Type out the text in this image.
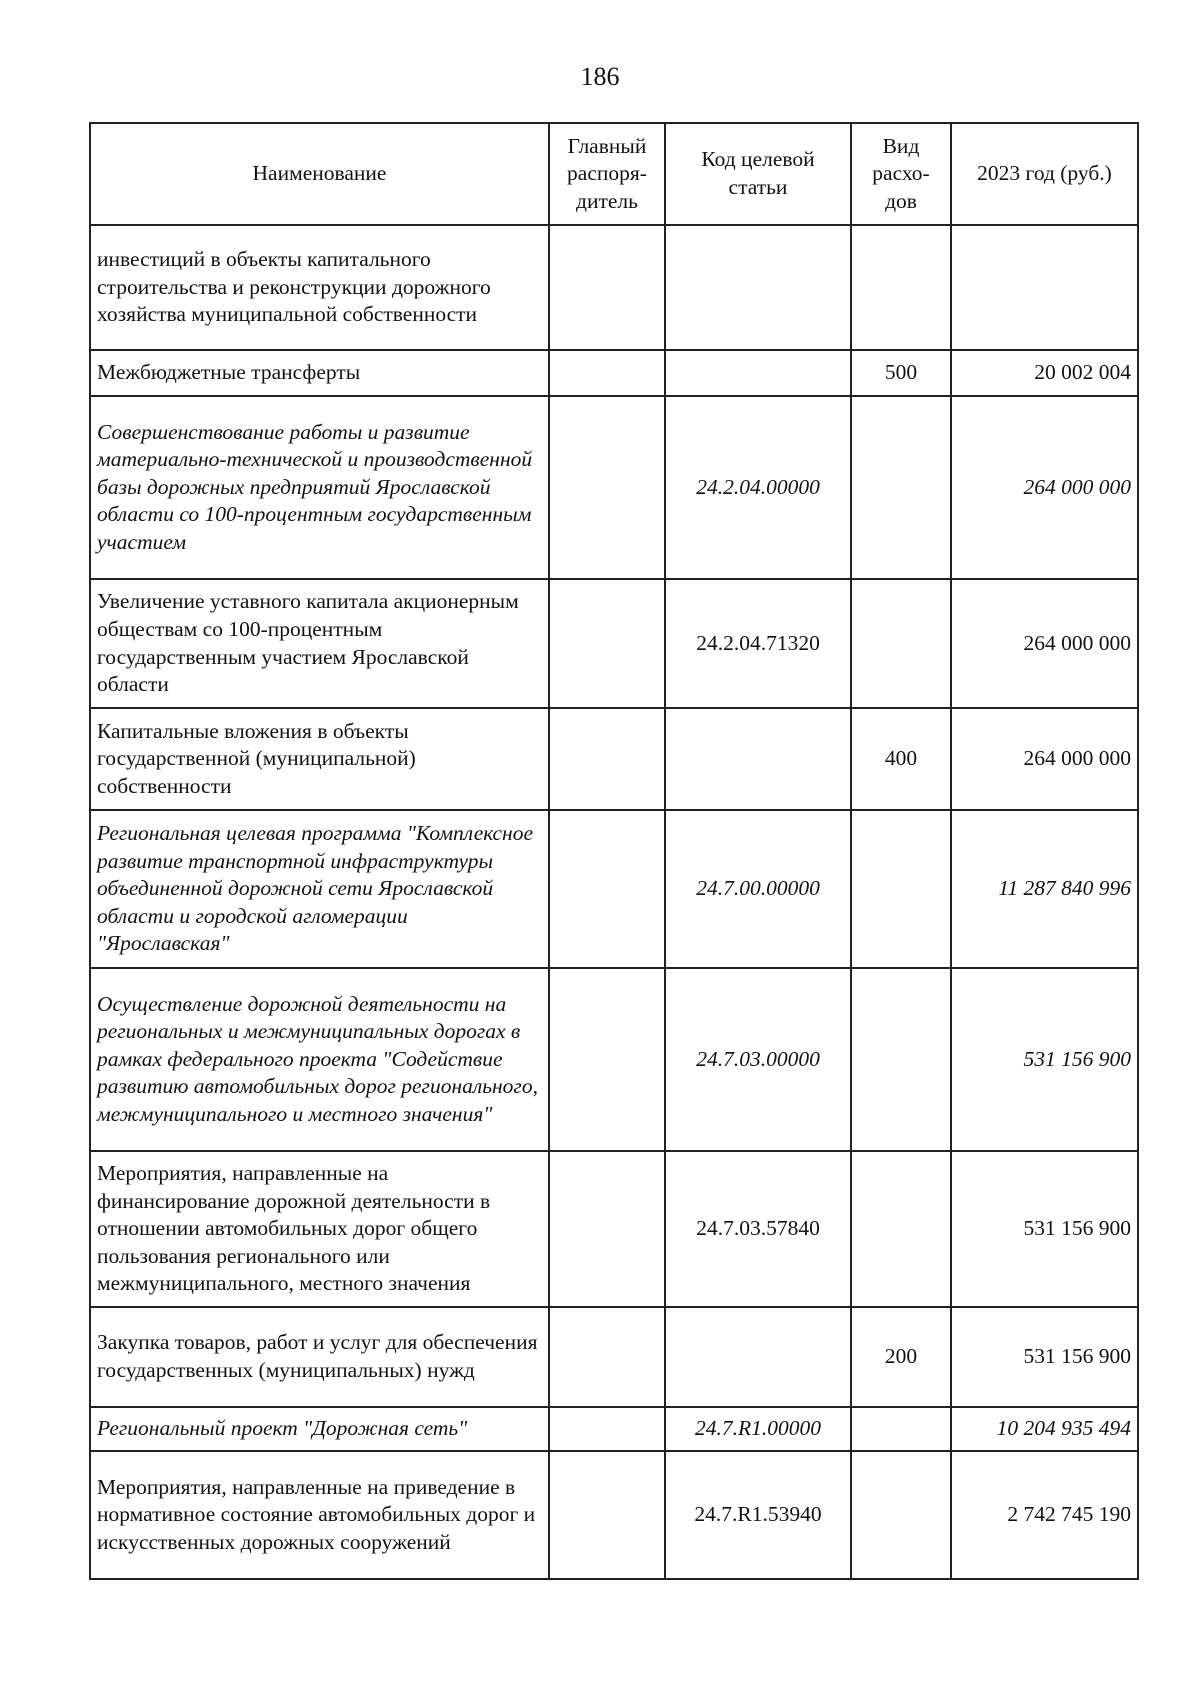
186
Наименование	Главный распоря-дитель	Код целевой статьи	Вид расхо-дов	2023 год (руб.)
инвестиций в объекты капитального строительства и реконструкции дорожного хозяйства муниципальной собственности				
Межбюджетные трансферты			500	20 002 004
Совершенствование работы и развитие материально-технической и производственной базы дорожных предприятий Ярославской области со 100-процентным государственным участием		24.2.04.00000		264 000 000
Увеличение уставного капитала акционерным обществам со 100-процентным государственным участием Ярославской области		24.2.04.71320		264 000 000
Капитальные вложения в объекты государственной (муниципальной) собственности			400	264 000 000
Региональная целевая программа "Комплексное развитие транспортной инфраструктуры объединенной дорожной сети Ярославской области и городской агломерации "Ярославская"		24.7.00.00000		11 287 840 996
Осуществление дорожной деятельности на региональных и межмуниципальных дорогах в рамках федерального проекта "Содействие развитию автомобильных дорог регионального, межмуниципального и местного значения"		24.7.03.00000		531 156 900
Мероприятия, направленные на финансирование дорожной деятельности в отношении автомобильных дорог общего пользования регионального или межмуниципального, местного значения		24.7.03.57840		531 156 900
Закупка товаров, работ и услуг для обеспечения государственных (муниципальных) нужд			200	531 156 900
Региональный проект "Дорожная сеть"		24.7.R1.00000		10 204 935 494
Мероприятия, направленные на приведение в нормативное состояние автомобильных дорог и искусственных дорожных сооружений		24.7.R1.53940		2 742 745 190
